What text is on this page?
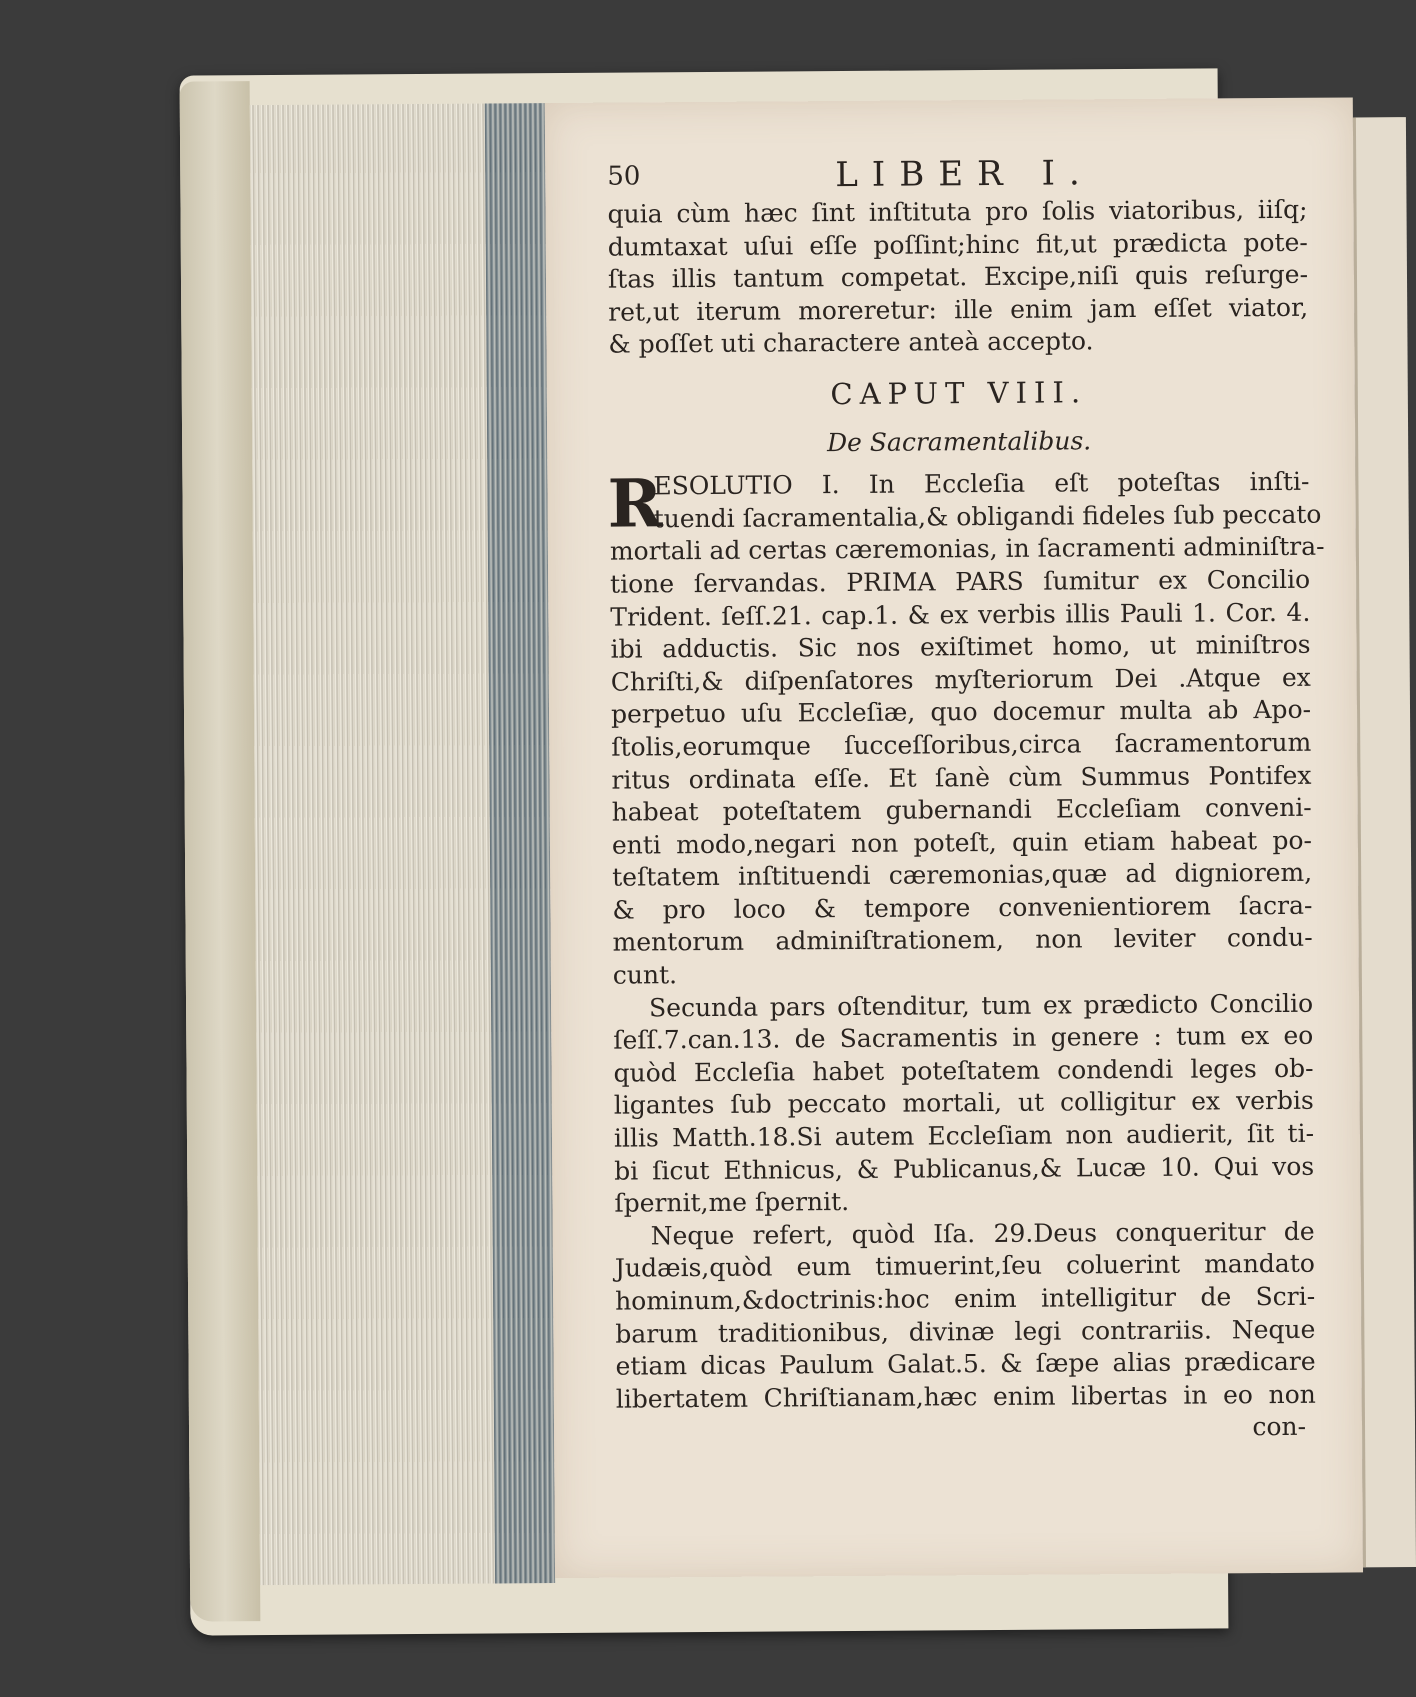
50	LIBER I.
quia cùm hæc ſint inſtituta pro ſolis viatoribus, iiſq;
dumtaxat uſui eſſe poſſint;hinc fit,ut prædicta pote-
ſtas illis tantum competat. Excipe,niſi quis reſurge-
ret,ut iterum moreretur: ille enim jam eſſet viator,
& poſſet uti charactere anteà accepto.
CAPUT VIII.
De Sacramentalibus.
R
ESOLUTIO I. In Eccleſia eſt poteſtas inſti-
tuendi ſacramentalia,& obligandi fideles ſub peccato
mortali ad certas cæremonias, in ſacramenti adminiſtra-
tione ſervandas. PRIMA PARS ſumitur ex Concilio
Trident. ſeſſ.21. cap.1. & ex verbis illis Pauli 1. Cor. 4.
ibi adductis. Sic nos exiſtimet homo, ut miniſtros
Chriſti,& diſpenſatores myſteriorum Dei .Atque ex
perpetuo uſu Eccleſiæ, quo docemur multa ab Apo-
ſtolis,eorumque ſucceſſoribus,circa ſacramentorum
ritus ordinata eſſe. Et ſanè cùm Summus Pontifex
habeat poteſtatem gubernandi Eccleſiam conveni-
enti modo,negari non poteſt, quin etiam habeat po-
teſtatem inſtituendi cæremonias,quæ ad digniorem,
& pro loco & tempore convenientiorem ſacra-
mentorum adminiſtrationem, non leviter condu-
cunt.
Secunda pars oſtenditur, tum ex prædicto Concilio
ſeſſ.7.can.13. de Sacramentis in genere : tum ex eo
quòd Eccleſia habet poteſtatem condendi leges ob-
ligantes ſub peccato mortali, ut colligitur ex verbis
illis Matth.18.Si autem Eccleſiam non audierit, ſit ti-
bi ſicut Ethnicus, & Publicanus,& Lucæ 10. Qui vos
ſpernit,me ſpernit.
Neque refert, quòd Iſa. 29.Deus conqueritur de
Judæis,quòd eum timuerint,ſeu coluerint mandato
hominum,&doctrinis:hoc enim intelligitur de Scri-
barum traditionibus, divinæ legi contrariis. Neque
etiam dicas Paulum Galat.5. & ſæpe alias prædicare
libertatem Chriſtianam,hæc enim libertas in eo non
con-
